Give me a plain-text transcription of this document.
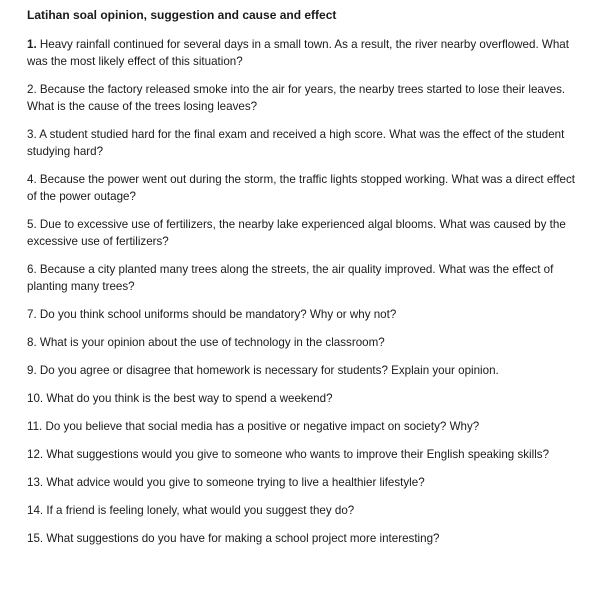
Latihan soal opinion, suggestion and cause and effect

1. Heavy rainfall continued for several days in a small town. As a result, the river nearby overflowed. What was the most likely effect of this situation?

2. Because the factory released smoke into the air for years, the nearby trees started to lose their leaves. What is the cause of the trees losing leaves?

3. A student studied hard for the final exam and received a high score. What was the effect of the student studying hard?

4. Because the power went out during the storm, the traffic lights stopped working. What was a direct effect of the power outage?

5. Due to excessive use of fertilizers, the nearby lake experienced algal blooms. What was caused by the excessive use of fertilizers?

6. Because a city planted many trees along the streets, the air quality improved. What was the effect of planting many trees?

7. Do you think school uniforms should be mandatory? Why or why not?

8. What is your opinion about the use of technology in the classroom?

9. Do you agree or disagree that homework is necessary for students? Explain your opinion.

10. What do you think is the best way to spend a weekend?

11. Do you believe that social media has a positive or negative impact on society? Why?

12. What suggestions would you give to someone who wants to improve their English speaking skills?

13. What advice would you give to someone trying to live a healthier lifestyle?

14. If a friend is feeling lonely, what would you suggest they do?

15. What suggestions do you have for making a school project more interesting?
